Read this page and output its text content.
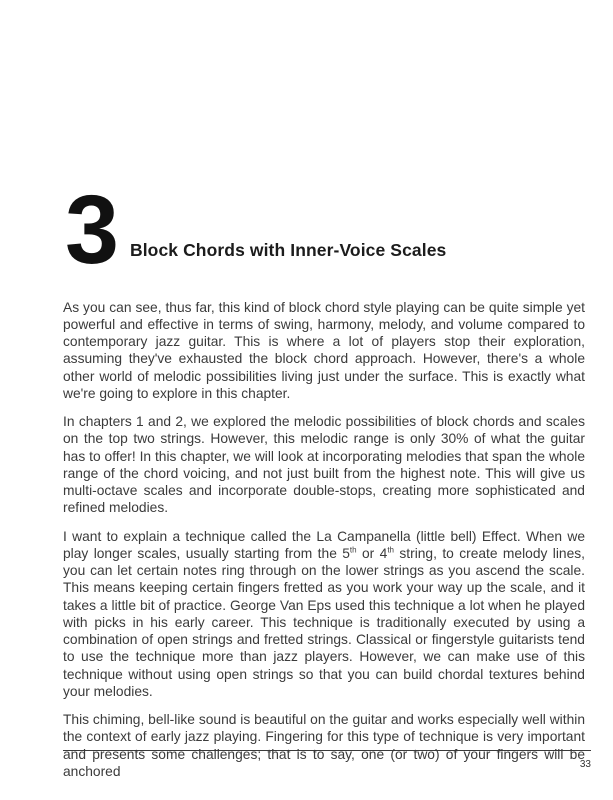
3 Block Chords with Inner-Voice Scales

As you can see, thus far, this kind of block chord style playing can be quite simple yet powerful and effective in terms of swing, harmony, melody, and volume compared to contemporary jazz guitar. This is where a lot of players stop their exploration, assuming they've exhausted the block chord approach. However, there's a whole other world of melodic possibilities living just under the surface. This is exactly what we're going to explore in this chapter.

In chapters 1 and 2, we explored the melodic possibilities of block chords and scales on the top two strings. However, this melodic range is only 30% of what the guitar has to offer! In this chapter, we will look at incorporating melodies that span the whole range of the chord voicing, and not just built from the highest note. This will give us multi-octave scales and incorporate double-stops, creating more sophisticated and refined melodies.

I want to explain a technique called the La Campanella (little bell) Effect. When we play longer scales, usually starting from the 5th or 4th string, to create melody lines, you can let certain notes ring through on the lower strings as you ascend the scale. This means keeping certain fingers fretted as you work your way up the scale, and it takes a little bit of practice. George Van Eps used this technique a lot when he played with picks in his early career. This technique is traditionally executed by using a combination of open strings and fretted strings. Classical or fingerstyle guitarists tend to use the technique more than jazz players. However, we can make use of this technique without using open strings so that you can build chordal textures behind your melodies.

This chiming, bell-like sound is beautiful on the guitar and works especially well within the context of early jazz playing. Fingering for this type of technique is very important and presents some challenges; that is to say, one (or two) of your fingers will be anchored	33
